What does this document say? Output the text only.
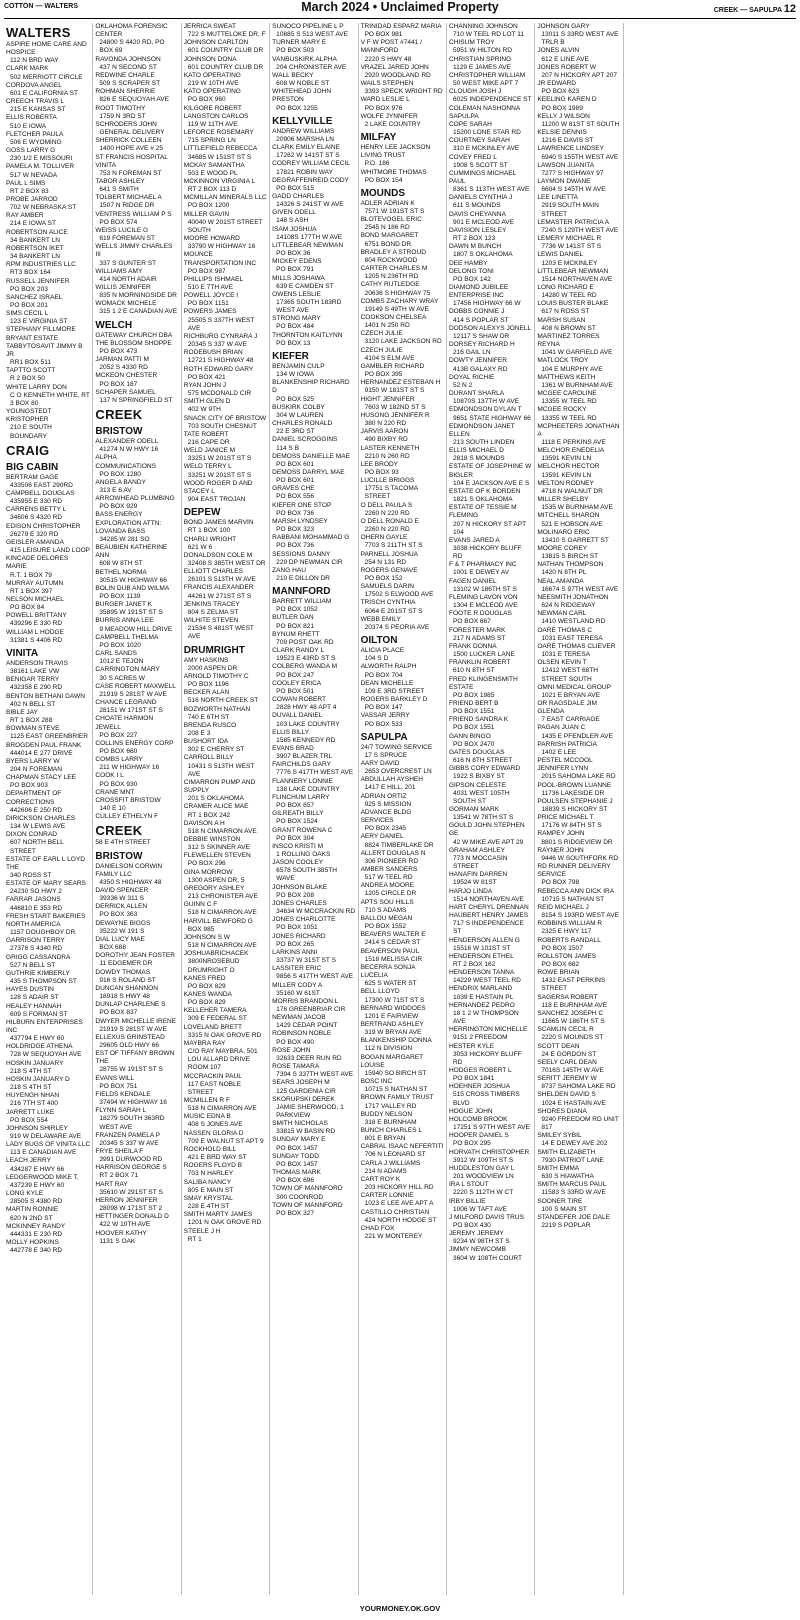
COTTON — WALTERS	March 2024 • Unclaimed Property	CREEK — SAPULPA 12
WALTERS
ASPIRE HOME CARE AND HOSPICE
112 N BRD WAY
CLARK MARK
502 MERRIOTT CIRCLE
CORDOVA ANGEL
601 E CALIFORNIA ST
CREECH TRAVIS L
215 E KANSAS ST
ELLIS ROBERTA
510 E IOWA
FLETCHER PAULA
506 E WYOMING
GOSS LARRY G
230 1/2 E MISSOURI
PAMELA M. TOLLIVER
517 W NEVADA
PAUL L SIMS
RT 2 BOX 83
PROBE JARROD
702 W NEBRASKA ST
RAY AMBER
214 E IOWA ST
ROBERTSON ALICE
34 BANKERT LN
ROBERTSON IKET
34 BANKERT LN
RPM INDUSTRIES LLC
RT3 BOX 164
RUSSELL JENNIFER
PO BOX 203
SANCHEZ ISRAEL
PO BOX 201
SIMS CECIL L
123 E VIRGINIA ST
STEPHANY FILLMORE
BRYANT ESTATE
TABBYTOSAVIT JIMMY B JR
RR1 BOX 511
TAPTTO SCOTT
R 2 BOX 50
WHITE LARRY DON
C O KENNETH WHITE, RT 3 BOX 80
YOUNGSTEDT KRISTOPHER
210 E SOUTH BOUNDARY
CRAIG
BIG CABIN
BERTRAM GAGE
433506 EAST 290RD
CAMPBELL DOUGLAS
435955 E 330 RD
CARRENS BETTY L
34606 S 4320 RD
EDISON CHRISTOPHER
26279 E 320 RD
GEISLER AMANDA
415 LEISURE LAND LOOP
KINCADE DELORES MARIE
R.T. 1 BOX 79
MURRAY AUTUMN
RT 1 BOX 397
NELSON MICHAEL
PO BOX 84
POWELL BRITTANY
439296 E 330 RD
WILLIAM L HODGE
31381 S 4406 RD
VINITA
ANDERSON TRAVIS
38161 LAKE VW
BENIGAR TERRY
432358 E 290 RD
BENTON BETHANI DAWN
402 N BELL ST
BIBLE JAY
RT 1 BOX 288
BOWMAN STEVE
1125 EAST GREENBRIER
BROGDEN PAUL FRANK
444014 E 277 DRIVE
BYERS LARRY W
204 N FOREMAN
CHAPMAN STACY LEE
PO BOX 903
DEPARTMENT OF CORRECTIONS
442606 E 250 RD
DIRICKSON CHARLES
134 W LEWIS AVE
DIXON CONRAD
607 NORTH BELL STREET
ESTATE OF EARL L LOYD THE
340 ROSS ST
ESTATE OF MARY SEARS
24230 SO HWY 2
FARRAR JASONS
446810 E 353 RD
FRESH START BAKERIES NORTH AMERICA
1157 DOUGHBOY DR
GARRISON TERRY
27376 S 4340 RD
GRIGG CASSANDRA
527 N BELL ST
GUTHRIE KIMBERLY
435 S THOMPSON ST
HAYES DUSTIN
128 S ADAIR ST
HEALEY HANNAH
609 S FORMAN ST
HILBURN ENTERPRISES INC
437794 E HWY 60
HOLDRIDGE ATHENA
728 W SEQUOYAH AVE
HOSKIN JANUARY
218 S 4TH ST
HOSKIN JANUARY D
218 S 4TH ST
HUYENGH NHAN
216 7TH ST 400
JARRETT LUKE
PO BOX 554
JOHNSON SHIRLEY
919 W DELAWARE AVE
LADY BUGS OF VINITA LLC
113 E CANADIAN AVE
LEACH JERRY
434287 E HWY 66
LEDGERWOOD MIKE T.
437239 E HWY 60
LONG KYLE
28505 S 4380 RD
MARTIN RONNIE
620 N 2ND ST
MCKINNEY RANDY
444331 E 230 RD
MOLLY HOPKINS
442778 E 340 RD
OKLAHOMA FORENSIC CENTER
24800 S 4420 RD, PO BOX 69
RAVONDA JOHNSON
437 N SECOND ST
REDWINE CHARLE
509 S SCRAPER ST
ROHMAN SHERRIE
826 E SEQUOYAH AVE
ROOT TIMOTHY
1759 N 3RD ST
SCHRODERS JOHN
GENERAL DELIVERY
SHERRICK COLLEEN
1400 HOPE AVE # 25
ST FRANCIS HOSPITAL VINITA
753 N FOREMAN ST
TABOR ASHLEY
641 S SMITH
TOLBERT MICHAEL A
1507 N RIDGE DR
VENTRESS WILLIAM P S
PO BOX 574
WEISS LUCILE G
619 FOREMAN ST
WELLS JIMMY CHARLES III
337 S GUNTER ST
WILLIAMS AMY
414 NORTH ADAIR
WILLIS JENNIFER
835 N MORNINGSIDE DR
WOMACK MICHELE
315 1 2 E CANADIAN AVE
WELCH
GATEWAY CHURCH DBA THE BLOSSOM SHOPPE
PO BOX 473
JARMAN PATTI M
2052 S 4330 RD
MCKEON CHESTER
PO BOX 187
SCHAPER SAMUEL
137 N SPRINGFIELD ST
CREEK
BRISTOW
ALEXANDER ODELL
41274 N W HWY 16
ALPHA COMMUNICATIONS
PO BOX 1280
ANGELA BANDY
313 E 6 AV
ARROWHEAD PLUMBING
PO BOX 929
BASS ENERGY EXPLORATION ATTN: LOVANDA BASS
34285 W 281 SO
BEAUBIEN KATHERINE ANN
608 W 8TH ST
BETHEL NORMA
30515 W HIGHWAY 66
BOLIN DUB AND WILMA
PO BOX 1139
BURGER JANET K
35895 W 191ST ST S
BURRIS ANNA LEE
9 MEADOW HILL DRIVE
CAMPBELL THELMA
PO BOX 1020
CARL SANDS
1012 E TEJON
CARRINGTON MARY
30 S ACRES W
CASE ROBERT MAXWELL
21919 S 281ST W AVE
CHANCE LEGRAND
28151 W 171ST ST S
CHOATE HARMON JEWELL
PO BOX 227
COLLINS ENERGY CORP
PO BOX 660
COMBS LARRY
211 W HIGHWAY 16
COOK I L
PO BOX 930
CRANE MNT
CROSSFIT BRISTOW
140 E 10
CULLEY ETHELYN F
CREEK
58 E 4TH STREET
BRISTOW
DANIELSON CORWIN FAMILY LLC
4350 S HIGHWAY 48
DAVID SPENCER
39336 W 311 S
DERRICK ALLEN
PO BOX 363
DEWAYNE BIGGS
35222 W 191 S
DIAL LUCY MAE
BOX 688
DOROTHY JEAN FOSTER
11 EDGEMER DR
DOWDY THOMAS
916 S ROLAND ST
DUNCAN SHANNON
18918 S HWY 48
DUNLAP CHARLENE S
PO BOX 837
DWYER MICHELLE IRENE
21919 S 281ST W AVE
ELLEXUS GRINSTEAD
29605 OLD HWY 66
EST OF TIFFANY BROWN THE
28755 W 191ST ST S
EVANS WILL
PO BOX 751
FIELDS KENDALE
37494 W HIGHWAY 16
FLYNN SARAH L
18279 SOUTH 363RD WEST AVE
FRANZEN PAMELA P
20345 S 337 W AVE
FRYE SHEILA F
3991 DURWOOD RD
HARRISON GEORGE S
RT 2 BOX 71
HART RAY
35610 W 291ST ST S
HERRON JENNIFER
28098 W 171ST ST 2
HETTINGER DONALD D
422 W 10TH AVE
HOOVER KATHY
1131 S OAK
JERRICA SWEAT
722 S MUTTELOKE DR, F
JOHNSON CARLTON
601 COUNTRY CLUB DR
JOHNSON DONA
601 COUNTRY CLUB DR
KATO OPERATING
219 W 10TH AVE
KATO OPERATING
PO BOX 960
KILGORE ROBERT
LANGSTON CARLOS
119 W 11TH AVE
LEFORCE ROSEMARY
715 SPRING LN
LITTLEFIELD REBECCA
34685 W 151ST ST S
MCKAY SAMANTHA
503 E WOOD PL
MCKINNON VIRGINIA L
RT 2 BOX 113 D
MCMILLAN MINERALS LLC
PO BOX 1200
MILLER GAVIN
40040 W 201ST STREET SOUTH
MOORE HOWARD
33790 W HIGHWAY 16
MOUNCE TRANSPORTATION INC
PO BOX 987
PHILLIPS ISHMAEL
510 E 7TH AVE
POWELL JOYCE I
PO BOX 1151
POWERS JAMES
25505 S 337TH WEST AVE
RICHBURG CYNRARA J
20345 S 337 W AVE
RODEBUSH BRIAN
12721 S HIGHWAY 48
ROTH EDWARD GARY
PO BOX 421
RYAN JOHN J
575 MCDONALD CIR
SMITH GLEN D
402 W 9TH
SNACK CITY OF BRISTOW
703 SOUTH CHESNUT
TATE ROBERT
216 CAPE DR
WELD JANICE M
33251 W 201ST ST S
WELD TERRY L
33251 W 201ST ST S
WOOD ROGER D AND STACEY L
904 EAST TROJAN
DEPEW
BOND JAMES MARVIN
RT 1 BOX 100
CHARLI WRIGHT
621 W 6
DONALDSON COLE M
32408 S 385TH WEST DR
ELLIOTT CHARLES
26101 S 513TH W AVE
FRANCIS ALEXANDER
44261 W 271ST ST S
JENKINS TRACEY
804 S ZELMA ST
WILHITE STEVEN
21534 S 481ST WEST AVE
DRUMRIGHT
AMY HASKINS
2000 ASPEN DR
ARNOLD TIMOTHY C
PO BOX 1196
BECKER ALAN
516 NORTH CREEK ST
BOZWORTH NATHAN
740 E 6TH ST
BRENDA RUSCO
208 E 3
BUSHORT IDA
302 E CHERRY ST
CARROLL BILLY
10431 S 513TH WEST AVE
CIMARRON PUMP AND SUPPLY
201 S OKLAHOMA
CRAMER ALICE MAE
RT 1 BOX 242
DAVISON A H
518 N CIMARRON AVE
DEBBIE WINSTON
312 S SKINNER AVE
FLEWELLEN STEVEN
PO BOX 296
GINA MORROW
1300 ASPEN DR, 5
GREGORY ASHLEY
213 CHRONISTER AVE
GUINN C F
518 N CIMARRON AVE
HARVILL BEWFORD G
BOX 985
JOHNSON S W
518 N CIMARRON AVE
JOSHUABRICHACEK
3800NROSEBUD DRUMRIGHT O
KANES FRED
PO BOX 829
KANES WANDA
PO BOX 829
KELLEHER TAMERA
309 E FEDERAL ST
LOVELAND BRETT
3315 N OAK GROVE RD
MAYBRA RAY
C/O RAY MAYBRA, 501 LOU ALLARD DRIVE ROOM 107
MCCRACKIN PAUL
117 EAST NOBLE STREET
MCMILLEN R F
518 N CIMARRON AVE
MUSIC EDNA B
408 S JONES AVE
NASSEN GLORIA D
709 E WALNUT ST APT 9
ROCKHOLD BILL
421 E BRD WAY ST
ROGERS FLOYD B
703 N HARLEY
SALIBA NANCY
805 E MAIN ST
SMAY KRYSTAL
228 E 4TH ST
SMITH MARTY JAMES
1201 N OAK GROVE RD
STEELE J H
RT 1
SUNOCO PIPELINE L P
10885 S 513 WEST AVE
TURNER MARY E
PO BOX 503
VANBUSKIRK ALPHA
204 CHRONISTER AVE
WALL BECKY
608 W NOBLE ST
WHITEHEAD JOHN PRESTON
PO BOX 1255
KELLYVILLE
ANDREW WILLIAMS
20906 MARSHA LN
CLARK EMILY ELAINE
17262 W 141ST ST S
CODREY WILLIAM CECIL
17821 ROBIN WAY
DEGRAFFENREID CODY
PO BOX 515
GADD CHARLES
14326 S 241ST W AVE
GIVEN ODELL
148 S ASH
ISAM JOSHUA
14108S 177TH W AVE
LITTLEBEAR NEWMAN
PO BOX 36
MICKEY EDENS
PO BOX 791
MILLS JOSHAWA
639 E CAMDEN ST
OWENS LESLIE
17365 SOUTH 183RD WEST AVE
STRONG MARY
PO BOX 484
THORNTON KAITLYNN
PO BOX 13
KIEFER
BENJAMIN CULP
134 W IOWA
BLANKENSHIP RICHARD D
PO BOX 525
BUSKIRK COLBY
304 W LAUREN
CHARLES RONALD
22 E 3RD ST
DANIEL SCROGGINS
114 S B
DEMOSS DANIELLE MAE
PO BOX 601
DEMOSS DARRYL MAE
PO BOX 601
GRAVES CHE
PO BOX 556
KIEFER ONE STOP
PO BOX 736
MARSH LYNDSEY
PO BOX 323
RABBANI MOHAMMAD G
PO BOX 736
SESSIONS DANNY
229 DP NEWMAN CIR
ZANG HAU
210 E DILLON DR
MANNFORD
BARRETT WILLIAM
PO BOX 1052
BUTLER DAN
PO BOX 821
BYNUM RHETT
709 POST OAK RD
CLARK RANDY L
19523 E 43RD ST S
COLBERG WANDA M
PO BOX 247
COOLEY ERICA
PO BOX 501
COWAN ROBERT
2828 HWY 48 APT 4
DUVALL DANIEL
103 LAKE COUNTRY
ELLIS BILLY
1585 KENNEDY RD
EVANS BRAD
3907 BLAZER TRL
FAIRCHILDS GARY
7776 S 417TH WEST AVE
FLANNERY LONNIE
138 LAKE COUNTRY
FLINCHUM LARRY
PO BOX 657
GILREATH BILLY
PO BOX 1524
GRANT ROWENA C
PO BOX 304
INSCO KRISTI M
1 ROLLING OAKS
JASON COOLEY
6578 SOUTH 385TH WAVE
JOHNSON BLAKE
PO BOX 208
JONES CHARLES
34634 W MCCRACKIN RD
JONES CHARLOTTE
PO BOX 1051
JONES RICHARD
PO BOX 265
LARKINS ANNI
33737 W 31ST ST S
LASSITER ERIC
9856 S 417TH WEST AVE
MILLER CODY A
35160 W 61ST
MORRIS BRANDON L
176 GREENBRIAR CIR
NEWMAN JACOB
1429 CEDAR POINT
ROBINSON NOBLE
PO BOX 490
ROSE JOHN
32633 DEER RUN RD
ROSE TAMARA
7394 S 337TH WEST AVE
SEARS JOSEPH M
125 GARDENIA CIR
SKORUPSKI DEREK
JAMIE SHERWOOD, 1 PARKVIEW
SMITH NICHOLAS
33815 W BASIN RD
SUNDAY MARY E
PO BOX 1457
SUNDAY TODD
PO BOX 1457
THOMAS MARK
PO BOX 696
TOWN OF MANNFORD
300 COONROD
TOWN OF MANNFORD
PO BOX 327
TRINIDAD ESPARZ MARIA
PO BOX 981
V F W POST #7441 / MANNFORD
2220 S HWY 48
VRAZEL JARED JOHN
2920 WOODLAND RD
WAILS STEPHEN
3393 SPECK WRIGHT RD
WARD LESLIE L
PO BOX 976
WOLFE JYNNIFER
2 LAKE COUNTRY
MILFAY
HENRY LEE JACKSON LIVING TRUST
P.O. 186
WHITMORE THOMAS
PO BOX 154
MOUNDS
ADLER ADRIAN K
7571 W 191ST ST S
BLOTEVOGEL ERIC
2545 N 186 RD
BOND MARGARET
6751 BOND DR
BRADLEY A STROUD
804 ROCKWOOD
CARTER CHARLES M
1205 N 236TH RD
CATHY RUTLEDGE
20636 S HIGHWAY 75
COMBS ZACHARY WRAY
19149 S 49TH W AVE
COOKSON CHELSEA
1401 N 250 RD
CZECH JULIE
3120 LAKE JACKSON RD
CZECH JULIE
4104 S ELM AVE
GAMBLER RICHARD
PO BOX 395
HERNANDEZ ESTEBAN H
9150 W 181ST ST S
HIGHT JENNIFER
7603 W 182ND ST S
HUSONG JENNIFER R
380 N 220 RD
JARVIS AARON
490 BIXBY RD
LASTER KENNETH
2210 N 260 RD
LEE BRODY
PO BOX 93
LUCILLE BRIGGS
17751 S TACOMA STREET
O DELL PAULA S
2260 N 220 RD
O DELL RONALD E
2260 N 220 RD
OHERN GAYLE
7703 S 211TH ST S
PARNELL JOSHUA
254 N 131 RD
ROGERS GENAVE
PO BOX 152
SAMUELS DARIN
17502 S ELWOOD AVE
TRISCH CYNTHIA
6064 E 201ST ST S
WEBB EMILY
20374 S PEORIA AVE
OILTON
ALICIA PLACE
104 S D
ALWORTH RALPH
PO BOX 704
DEAN MICHELLE
109 E 3RD STREET
ROGERS BARKLEY D
PO BOX 147
VASSAR JERRY
PO BOX 533
SAPULPA
24/7 TOWING SERVICE
17 S SPRUCE
AARY DAVID
2653 OVERCREST LN
ABDULLAH AYSHEH
1417 E HILL, 201
ADRIAN ORTIZ
925 S MISSION
ADVANCE BLDG SERVICES
PO BOX 2345
AERY DANIEL
8824 TIMBERLAKE DR
ALLERT DOUGLAS N
306 PIONEER RD
AMBER SANDERS
517 W TEEL RD
ANDREA MOORE
1205 CIRCLE DR
APTS SOU HILLS
710 S ADAMS
BALLOU MEGAN
PO BOX 1552
BEAVERS WALTER E
2414 S CEDAR ST
BEAVERSON PAUL
1518 MELISSA CIR
BECERRA SONJA LUCELIA
625 S WATER ST
BELL LLOYD
17300 W 71ST ST S
BERNARD WIDDOES
1201 E FAIRVIEW
BERTRAND ASHLEY
319 W BRYAN AVE
BLANKENSHIP DONNA
112 N DIVISION
BOGAN MARGARET LOUISE
15940 SO BIRCH ST
BOSC INC
10715 S NATHAN ST
BROWN FAMILY TRUST
1717 VALLEY RD
BUDDY NELSON
318 E BURNHAM
BUNCH CHARLES L
801 E BRYAN
CABRAL ISAAC NEFERTITI
706 N LEONARD ST
CARLA J WILLIAMS
214 N ADAMS
CART ROY K
203 HICKORY HILL RD
CARTER LONNIE
1023 E LEE AVE APT A
CASTILLO CHRISTIAN
424 NORTH HODGE ST
CHAD FOX
221 W MONTEREY
CHANNING JOHNSON
710 W TEEL RD LOT 11
CHISUM TROY
5951 W HILTON RD
CHRISTIAN SPRING
1129 E JAMES AVE
CHRISTOPHER WILLIAM
50 WEST MIKE APT 7
CLOUGH JOSH J
6025 INDEPENDENCE ST
COLEMAN NASHONNA SAPULPA
COPE SARAH
15200 LONE STAR RD
COURTNEY SARAH
310 E MCKINLEY AVE
COVEY FRED L
1908 S SCOTT ST
CUMMINGS MICHAEL PAUL
8361 S 113TH WEST AVE
DANIELS CYNTHIA J
611 S MOUNDS
DAVIS CHEYANNA
901 E MCLEOD AVE
DAVISION LESLEY
RT 2 BOX 123
DAWN M BUNCH
1807 S OKLAHOMA
DEE HAMBY
DELONG TONI
PO BOX 142
DIAMOND JUBILEE ENTERPRISE INC
17456 HIGHWAY 66 W
DOBBS CONNIE J
414 S POPLAR ST
DODSON ALEXYS JONELL
12117 S SHAW DR
DORSEY RICHARD H
216 GAIL LN
DOWTY JENNIFER
413B GALAXY RD
DOYAL RICHIE
52 N 2
DURANT SHARLA
10870S 137TH W AVE
EDMONDSON DYLAN T
9651 STATE HIGHWAY 66
EDMONDSON JANET ELLEN
213 SOUTH LINDEN
ELLIS MICHAEL D
2818 S MOUNDS
ESTATE OF JOSEPHINE W BIGLER
104 E JACKSON AVE E S
ESTATE OF K BORDEN
1821 S OKLAHOMA
ESTATE OF TESSIE M FLEMING
207 N HICKORY ST APT 104
EVANS JARED A
3038 HICKORY BLUFF RD
F & T PHARMACY INC
1001 E DEWEY AV
FAGEN DANIEL
13102 W 186TH ST S
FLEMING LAVON VON
1304 E MCLEOD AVE
FOOTE R DOUGLAS
PO BOX 667
FORESTER MARK
217 N ADAMS ST
FRANK DONNA
1500 LUCKER LANE
FRANKLIN ROBERT
610 N 8TH ST
FRED KLINGENSMITH ESTATE
PO BOX 1985
FRIEND BERT B
PO BOX 1551
FRIEND SANDRA K
PO BOX 1551
GANN BINGO
PO BOX 2470
GATES DOUGLAS
616 N 8TH STREET
GIBBS CORY EDWARD
1922 S BIXBY ST
GIPSON CELESTE
4031 WEST 105TH SOUTH ST
GORMAN MARK
13541 W 78TH ST S
GOULD JOHN STEPHEN GE
42 W MIKE AVE APT 29
GRAHAM ASHLEY
773 N MOCCASIN STREET
HANAFIN DARREN
19524 W 81ST
HARJO LINDA
1514 NORTHAVEN AVE
HART CHERYL DRENNAN
HAUBERT HENRY JAMES
717 S INDEPENDENCE ST
HENDERSON ALLEN G
15516 W 101ST ST
HENDERSON ETHEL
RT 2 BOX 162
HENDERSON TANNA
14229 WEST TEEL RD
HENDRIX MARLAND
1039 E HASTAIN PL
HERNANDEZ PEDRO
18 1 2 W THOMPSON AVE
HERRINGTON MICHELLE
9151 2 FREEDOM
HESTER KYLE
3053 HICKORY BLUFF RD
HODGES ROBERT L
PO BOX 1841
HOEHNER JOSHUA
515 CROSS TIMBERS BLVD
HOGUE JOHN
HOLCOMB BROOK
17251 S 97TH WEST AVE
HOOPER DANIEL S
PO BOX 295
HORVATH CHRISTOPHER
3912 W 109TH ST S
HUDDLESTON GAY L
201 WOODVIEW LN
IRA L STOUT
2220 S 112TH W CT
IRBY BILLIE
1006 W TAFT AVE
J MILFORD DAVIS TRUS
PO BOX 430
JEREMY JEREMY
9234 W 98TH ST S
JIMMY NEWCOMB
3604 W 108TH COURT
JOHNSON GARY
13011 S 33RD WEST AVE TRLR B
JONES ALVIN
612 E LINE AVE
JONES ROBERT W
207 N HICKORY APT 207
JR EDWARD
PO BOX 623
KEELING KAREN D
PO BOX 1989
KELLY J WILSON
11200 W 81ST ST SOUTH
KELSIE DENNIS
1216 E DAVIS ST
LAWRENCE LINDSEY
6940 S 155TH WEST AVE
LAWSON JUANITA
7277 S HIGHWAY 97
LAYMON DWANE
6604 S 145TH W AVE
LEE LINETTA
2919 SOUTH MAIN STREET
LEMASTER PATRICIA A
7240 S 129TH WEST AVE
LEMERY MICHAEL R
7736 W 141ST ST S
LEWIS DANIEL
1203 E MCKINLEY
LITTLEBEAR NEWMAN
1514 NORTHAVEN AVE
LONG RICHARD E
14280 W TEEL RD
LOUIS BUSTER BLAKE
617 N ROSS ST
MARSH SUSAN
408 N BROWN ST
MARTINEZ TORRES REYNA
1041 W GARFIELD AVE
MATLOCK TROY
104 E MURPHY AVE
MATTHEWS KEITH
1361 W BURNHAM AVE
MCGEE CAROLINE
13355 W TEEL RD
MCGEE ROCKY
13355 W TEEL RD
MCPHEETERS JONATHAN A
1118 E PERKINS AVE
MELCHOR ENEDELIA
13591 KEVIN LN
MELCHOR HECTOR
13591 KEVIN LN
MELTON RODNEY
4718 N WALNUT DR
MILLER SHELBY
1535 W BURNHAM AVE
MITCHELL SHARON
521 E HOBSON AVE
MOLINARO ERIC
13410 S GARRETT ST
MOORE COREY
13815 S BIRCH ST
NATHAN THOMPSON
1420 N 8TH PL
NEAL AMANDA
16674 S 97TH WEST AVE
NEESMITH JONATHON
624 N RIDGEWAY
NEWMAN CARL
1410 WESTLAND RD
OARE THOMAS C
1031 EAST TERESA
OARE THOMAS CLIEVER
1031 E TERESA
OLSEN KEVIN T
12412 WEST 68TH STREET SOUTH
OMNI MEDICAL GROUP
1021 E BRYAN AVE
OR RAGSDALE JIM GLENDA
7 EAST CARRIAGE
PAGAN JUAN C
1435 E PFENDLER AVE
PARRISH PATRICIA
1402 E LEE
PESTEL MCCOOL JENNIFER LYNN
2015 SAHOMA LAKE RD
POOL-BROWN LUANNE
11736 LAKESIDE DR
POULSEN STEPHANIE J
18839 S HICKORY ST
PRICE MICHAEL T
17176 W 84TH ST S
RAMPEY JOHN
8801 S RIDGEVIEW DR
RAYNER JOHN
9446 W SOUTHFORK RD
RD RUNNER DELIVERY SERVICE
PO BOX 798
REBECCA ANN DICK IRA
10715 S NATHAN ST
REID MICHAEL J
8154 S 193RD WEST AVE
ROBBINS WILLIAM R
2325 E HWY 117
ROBERTS RANDALL
PO BOX 1507
ROLLSTON JAMES
PO BOX 682
ROWE BRIAN
1432 EAST PERKINS STREET
SAGERSA ROBERT
118 E BURNHAM AVE
SANCHEZ JOSEPH C
11665 W 186TH ST S
SCAMLIN CECIL R
2220 S MOUNDS ST
SCOTT DEAN
24 E GORDON ST
SEELY CARL DEAN
7016S 145TH W AVE
SERITT JEREMY W
8737 SAHOMA LAKE RD
SHELDEN DAVID S
1024 E HASTAIN AVE
SHORES DIANA
9240 FREEDOM RD UNIT 817
SMILEY SYBIL
14 E DEWEY AVE 202
SMITH ELIZABETH
7930 PATRIOT LANE
SMITH EMMA
630 S HIAWATHA
SMITH MARCUS PAUL
11583 S 33RD W AVE
SOONER TIRE
100 S MAIN ST
STANDEFER JOE DALE
2219 S POPLAR
YOURMONEY.OK.GOV
